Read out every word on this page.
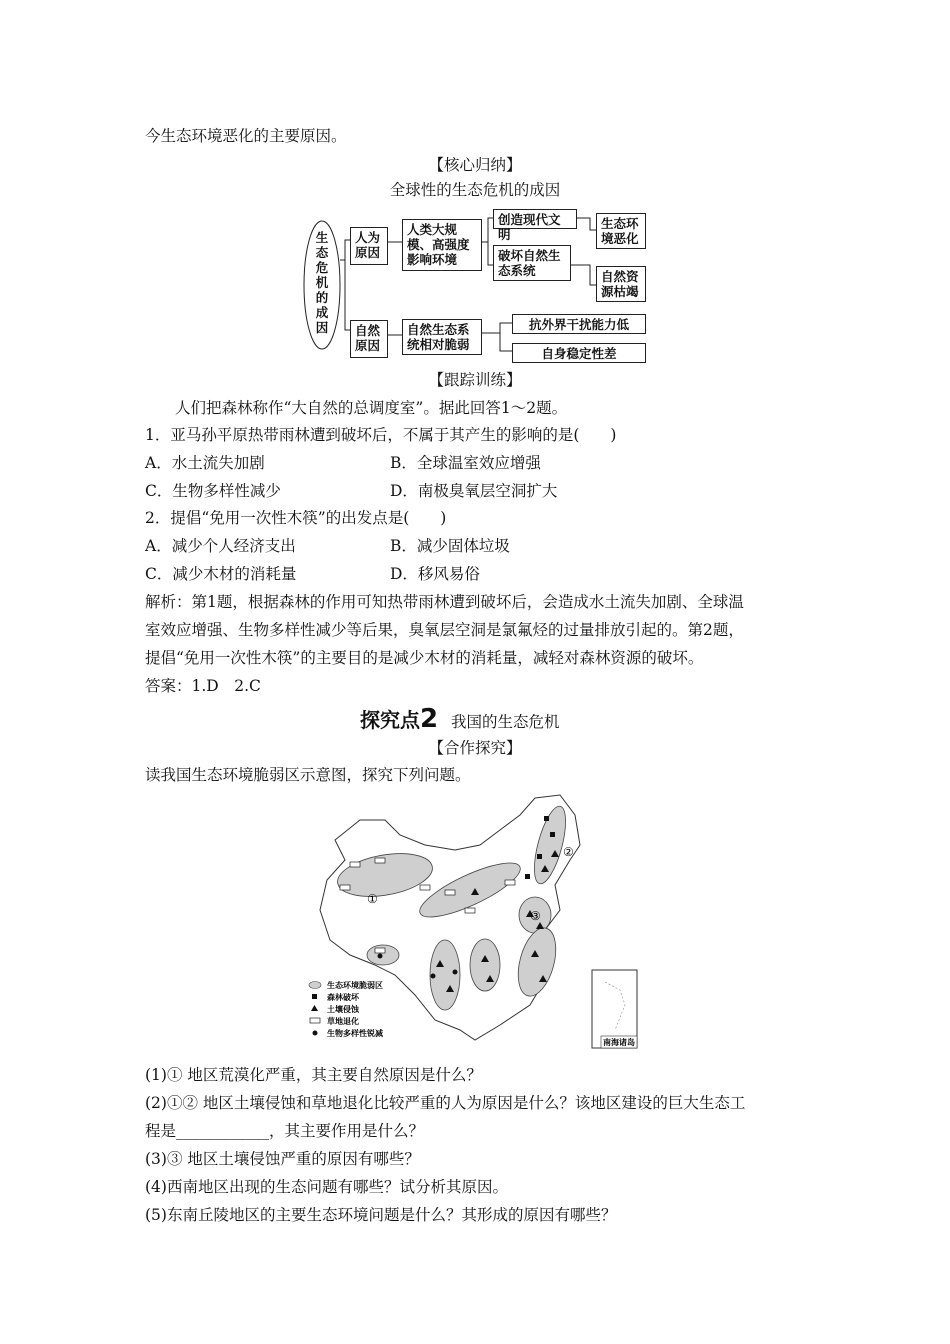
今生态环境恶化的主要原因。
【核心归纳】
全球性的生态危机的成因
生态危机的成因
人为原因
人类大规模、高强度影响环境
创造现代文明
破坏自然生态系统
生态环境恶化
自然资源枯竭
自然原因
自然生态系统相对脆弱
抗外界干扰能力低
自身稳定性差
【跟踪训练】
人们把森林称作“大自然的总调度室”。据此回答1～2题。
1．亚马孙平原热带雨林遭到破坏后，不属于其产生的影响的是(　　)
A．水土流失加剧	B．全球温室效应增强
C．生物多样性减少	D．南极臭氧层空洞扩大
2．提倡“免用一次性木筷”的出发点是(　　)
A．减少个人经济支出	B．减少固体垃圾
C．减少木材的消耗量	D．移风易俗
解析：第1题，根据森林的作用可知热带雨林遭到破坏后，会造成水土流失加剧、全球温
室效应增强、生物多样性减少等后果，臭氧层空洞是氯氟烃的过量排放引起的。第2题，
提倡“免用一次性木筷”的主要目的是减少木材的消耗量，减轻对森林资源的破坏。
答案：1.D　2.C
探究点2 我国的生态危机
【合作探究】
读我国生态环境脆弱区示意图，探究下列问题。
①
②
③
南海诸岛
生态环境脆弱区
森林破坏
土壤侵蚀
草地退化
生物多样性锐减
(1)① 地区荒漠化严重，其主要自然原因是什么？
(2)①② 地区土壤侵蚀和草地退化比较严重的人为原因是什么？该地区建设的巨大生态工
程是____________，其主要作用是什么？
(3)③ 地区土壤侵蚀严重的原因有哪些？
(4)西南地区出现的生态问题有哪些？试分析其原因。
(5)东南丘陵地区的主要生态环境问题是什么？其形成的原因有哪些？
